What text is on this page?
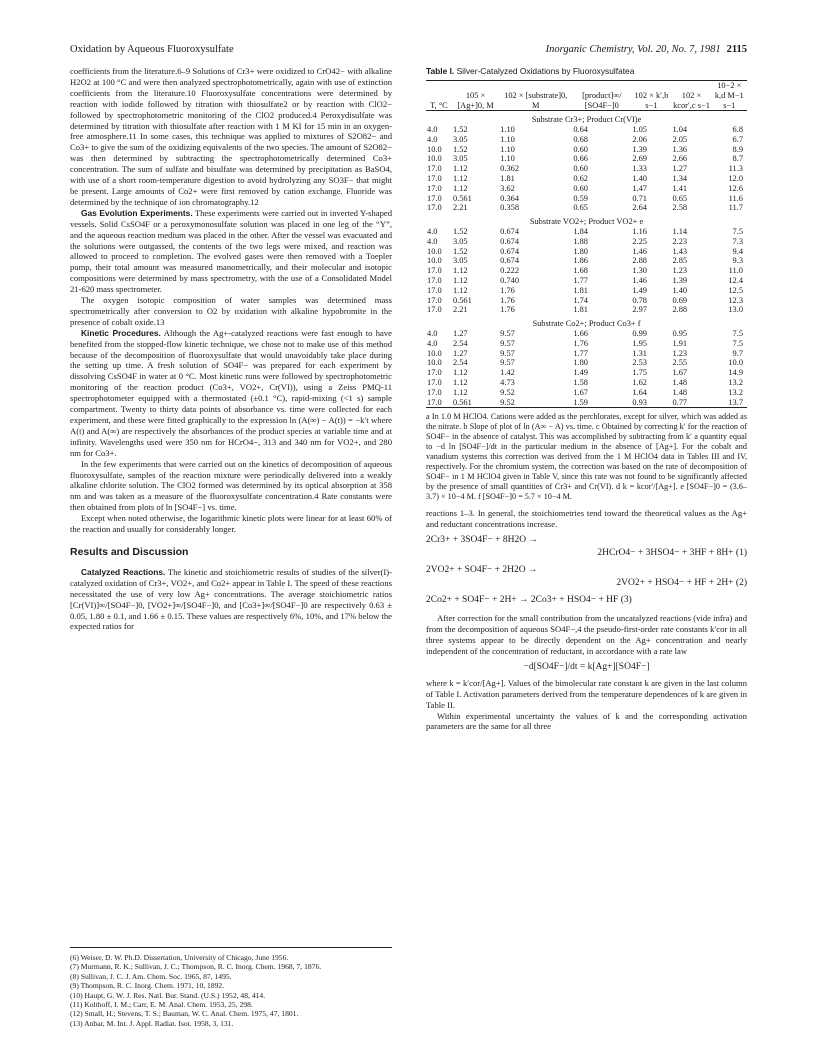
Oxidation by Aqueous Fluoroxysulfate	Inorganic Chemistry, Vol. 20, No. 7, 1981 2115

coefficients from the literature.6–9 Solutions of Cr3+ were oxidized to CrO42− with alkaline H2O2 at 100 °C and were then analyzed spectrophotometrically, again with use of extinction coefficients from the literature.10 Fluoroxysulfate concentrations were determined by reaction with iodide followed by titration with thiosulfate2 or by reaction with ClO2− followed by spectrophotometric monitoring of the ClO2 produced.4 Peroxydisulfate was determined by titration with thiosulfate after reaction with 1 M KI for 15 min in an oxygen-free atmosphere.11 In some cases, this technique was applied to mixtures of S2O82− and Co3+ to give the sum of the oxidizing equivalents of the two species. The amount of S2O82− was then determined by subtracting the spectrophotometrically determined Co3+ concentration. The sum of sulfate and bisulfate was determined by precipitation as BaSO4, with use of a short room-temperature digestion to avoid hydrolyzing any SO3F− that might be present. Large amounts of Co2+ were first removed by cation exchange. Fluoride was determined by the technique of ion chromatography.12

Gas Evolution Experiments. These experiments were carried out in inverted Y-shaped vessels. Solid CsSO4F or a peroxymonosulfate solution was placed in one leg of the “Y”, and the aqueous reaction medium was placed in the other. After the vessel was evacuated and the solutions were outgassed, the contents of the two legs were mixed, and reaction was allowed to proceed to completion. The evolved gases were then removed with a Toepler pump, their total amount was measured manometrically, and their molecular and isotopic compositions were determined by mass spectrometry, with the use of a Consolidated Model 21-620 mass spectrometer.

The oxygen isotopic composition of water samples was determined mass spectrometrically after conversion to O2 by oxidation with alkaline hypobromite in the presence of cobalt oxide.13

Kinetic Procedures. Although the Ag+-catalyzed reactions were fast enough to have benefited from the stopped-flow kinetic technique, we chose not to make use of this method because of the decomposition of fluoroxysulfate that would unavoidably take place during the setting up time. A fresh solution of SO4F− was prepared for each experiment by dissolving CsSO4F in water at 0 °C. Most kinetic runs were followed by spectrophotometric monitoring of the reaction product (Co3+, VO2+, Cr(VI)), using a Zeiss PMQ-11 spectrophotometer equipped with a thermostated (±0.1 °C), rapid-mixing (<1 s) sample compartment. Twenty to thirty data points of absorbance vs. time were collected for each experiment, and these were fitted graphically to the expression ln (A(∞) − A(t)) = −k′t where A(t) and A(∞) are respectively the absorbances of the product species at variable time and at infinity. Wavelengths used were 350 nm for HCrO4−, 313 and 340 nm for VO2+, and 280 nm for Co3+.

In the few experiments that were carried out on the kinetics of decomposition of aqueous fluoroxysulfate, samples of the reaction mixture were periodically delivered into a weakly alkaline chlorite solution. The ClO2 formed was determined by its optical absorption at 358 nm and was taken as a measure of the fluoroxysulfate concentration.4 Rate constants were then obtained from plots of ln [SO4F−] vs. time.

Except when noted otherwise, the logarithmic kinetic plots were linear for at least 60% of the reaction and usually for considerably longer.

Results and Discussion

Catalyzed Reactions. The kinetic and stoichiometric results of studies of the silver(I)-catalyzed oxidation of Cr3+, VO2+, and Co2+ appear in Table I. The speed of these reactions necessitated the use of very low Ag+ concentrations. The average stoichiometric ratios [Cr(VI)]∞/[SO4F−]0, [VO2+]∞/[SO4F−]0, and [Co3+]∞/[SO4F−]0 are respectively 0.63 ± 0.05, 1.80 ± 0.1, and 1.66 ± 0.15. These values are respectively 6%, 10%, and 17% below the expected ratios for

(6) Weiser, D. W. Ph.D. Dissertation, University of Chicago, June 1956.
(7) Murmann, R. K.; Sullivan, J. C.; Thompson, R. C. Inorg. Chem. 1968, 7, 1876.
(8) Sullivan, J. C. J. Am. Chem. Soc. 1965, 87, 1495.
(9) Thompson, R. C. Inorg. Chem. 1971, 10, 1892.
(10) Haupt, G. W. J. Res. Natl. Bur. Stand. (U.S.) 1952, 48, 414.
(11) Kolthoff, I. M.; Carr, E. M. Anal. Chem. 1953, 25, 298.
(12) Small, H.; Stevens, T. S.; Bauman, W. C. Anal. Chem. 1975, 47, 1801.
(13) Anbar, M. Int. J. Appl. Radiat. Isot. 1958, 3, 131.
Table I. Silver-Catalyzed Oxidations by Fluoroxysulfatea
T, °C	105 × [Ag+]0, M	102 × [substrate]0, M	[product]∞/ [SO4F−]0	102 × k′,b s−1	102 × kcor′,c s−1	10−2 × k,d M−1 s−1
Substrate Cr3+; Product Cr(VI)e						
4.0	1.52	1.10	0.64	1.05	1.04	6.8
4.0	3.05	1.10	0.68	2.06	2.05	6.7
10.0	1.52	1.10	0.60	1.39	1.36	8.9
10.0	3.05	1.10	0.66	2.69	2.66	8.7
17.0	1.12	0.362	0.60	1.33	1.27	11.3
17.0	1.12	1.81	0.62	1.40	1.34	12.0
17.0	1.12	3.62	0.60	1.47	1.41	12.6
17.0	0.561	0.364	0.59	0.71	0.65	11.6
17.0	2.21	0.358	0.65	2.64	2.58	11.7
Substrate VO2+; Product VO2+ e						
4.0	1.52	0.674	1.84	1.16	1.14	7.5
4.0	3.05	0.674	1.88	2.25	2.23	7.3
10.0	1.52	0.674	1.80	1.46	1.43	9.4
10.0	3.05	0.674	1.86	2.88	2.85	9.3
17.0	1.12	0.222	1.68	1.30	1.23	11.0
17.0	1.12	0.740	1.77	1.46	1.39	12.4
17.0	1.12	1.76	1.81	1.49	1.40	12.5
17.0	0.561	1.76	1.74	0.78	0.69	12.3
17.0	2.21	1.76	1.81	2.97	2.88	13.0
Substrate Co2+; Product Co3+ f						
4.0	1.27	9.57	1.66	0.99	0.95	7.5
4.0	2.54	9.57	1.76	1.95	1.91	7.5
10.0	1.27	9.57	1.77	1.31	1.23	9.7
10.0	2.54	9.57	1.80	2.53	2.55	10.0
17.0	1.12	1.42	1.49	1.75	1.67	14.9
17.0	1.12	4.73	1.58	1.62	1.48	13.2
17.0	1.12	9.52	1.67	1.64	1.48	13.2
17.0	0.561	9.52	1.59	0.93	0.77	13.7
a In 1.0 M HClO4. Cations were added as the perchlorates, except for silver, which was added as the nitrate. b Slope of plot of ln (A∞ − A) vs. time. c Obtained by correcting k′ for the reaction of SO4F− in the absence of catalyst. This was accomplished by subtracting from k′ a quantity equal to −d ln [SO4F−]/dt in the particular medium in the absence of [Ag+]. For the cobalt and vanadium systems this correction was derived from the 1 M HClO4 data in Tables III and IV, respectively. For the chromium system, the correction was based on the rate of decomposition of SO4F− in 1 M HClO4 given in Table V, since this rate was not found to be significantly affected by the presence of small quantities of Cr3+ and Cr(VI). d k = kcor′/[Ag+]. e [SO4F−]0 = (3.6–3.7) × 10−4 M. f [SO4F−]0 = 5.7 × 10−4 M.

reactions 1–3. In general, the stoichiometries tend toward the theoretical values as the Ag+ and reductant concentrations increase.

2Cr3+ + 3SO4F− + 8H2O →
2HCrO4− + 3HSO4− + 3HF + 8H+ (1)
2VO2+ + SO4F− + 2H2O →
2VO2+ + HSO4− + HF + 2H+ (2)
2Co2+ + SO4F− + 2H+ → 2Co3+ + HSO4− + HF (3)

After correction for the small contribution from the uncatalyzed reactions (vide infra) and from the decomposition of aqueous SO4F−,4 the pseudo-first-order rate constants k′cor in all three systems appear to be directly dependent on the Ag+ concentration and nearly independent of the concentration of reductant, in accordance with a rate law

−d[SO4F−]/dt = k[Ag+][SO4F−]

where k = k′cor/[Ag+]. Values of the bimolecular rate constant k are given in the last column of Table I. Activation parameters derived from the temperature dependences of k are given in Table II.

Within experimental uncertainty the values of k and the corresponding activation parameters are the same for all three
